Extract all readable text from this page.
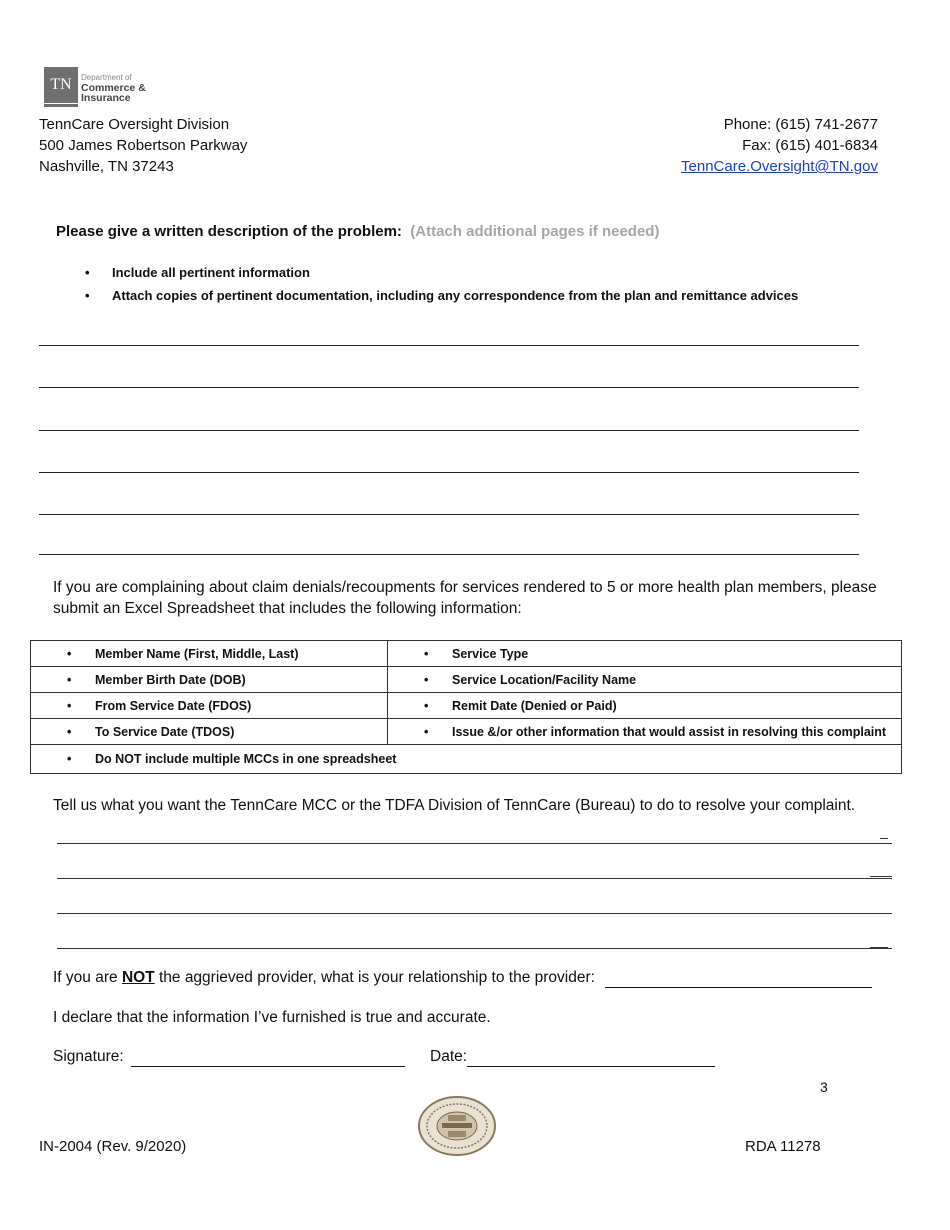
TN	Department of
Commerce &
Insurance
TennCare Oversight Division
500 James Robertson Parkway
Nashville, TN 37243
Phone: (615) 741-2677
Fax: (615) 401-6834
TennCare.Oversight@TN.gov
Please give a written description of the problem: (Attach additional pages if needed)
• Include all pertinent information
• Attach copies of pertinent documentation, including any correspondence from the plan and remittance advices
If you are complaining about claim denials/recoupments for services rendered to 5 or more health plan members, please submit an Excel Spreadsheet that includes the following information:
• Member Name (First, Middle, Last)	• Service Type
• Member Birth Date (DOB)	• Service Location/Facility Name
• From Service Date (FDOS)	• Remit Date (Denied or Paid)
• To Service Date (TDOS)	• Issue &/or other information that would assist in resolving this complaint
• Do NOT include multiple MCCs in one spreadsheet	
Tell us what you want the TennCare MCC or the TDFA Division of TennCare (Bureau) to do to resolve your complaint.
If you are NOT the aggrieved provider, what is your relationship to the provider:
I declare that the information I’ve furnished is true and accurate.
Signature:	Date:
3
IN-2004 (Rev. 9/2020)	RDA 11278
